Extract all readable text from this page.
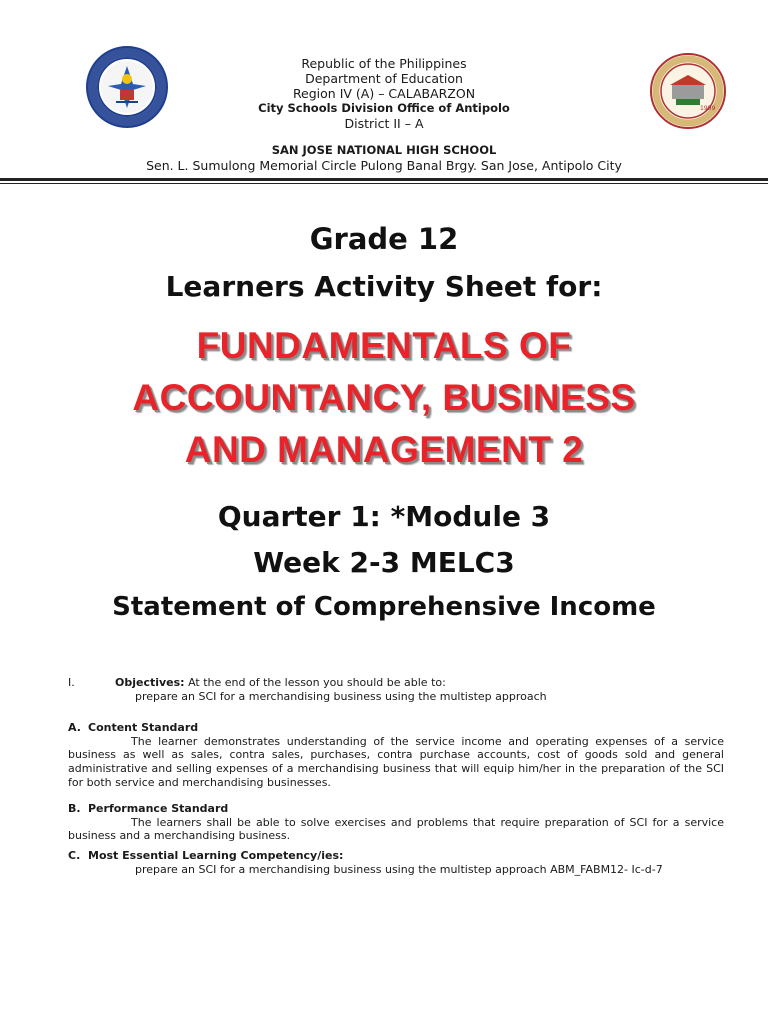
1999
Republic of the Philippines
Department of Education
Region IV (A) – CALABARZON
City Schools Division Office of Antipolo
District II – A
SAN JOSE NATIONAL HIGH SCHOOL
Sen. L. Sumulong Memorial Circle Pulong Banal Brgy. San Jose, Antipolo City
Grade 12
Learners Activity Sheet for:
FUNDAMENTALS OF
ACCOUNTANCY, BUSINESS
AND MANAGEMENT 2
Quarter 1: *Module 3
Week 2-3 MELC3
Statement of Comprehensive Income
I.	Objectives: At the end of the lesson you should be able to:
prepare an SCI for a merchandising business using the multistep approach
A. Content Standard
The learner demonstrates understanding of the service income and operating expenses of a service business as well as sales, contra sales, purchases, contra purchase accounts, cost of goods sold and general administrative and selling expenses of a merchandising business that will equip him/her in the preparation of the SCI for both service and merchandising businesses.
B. Performance Standard
The learners shall be able to solve exercises and problems that require preparation of SCI for a service business and a merchandising business.
C. Most Essential Learning Competency/ies:
prepare an SCI for a merchandising business using the multistep approach ABM_FABM12- Ic-d-7
